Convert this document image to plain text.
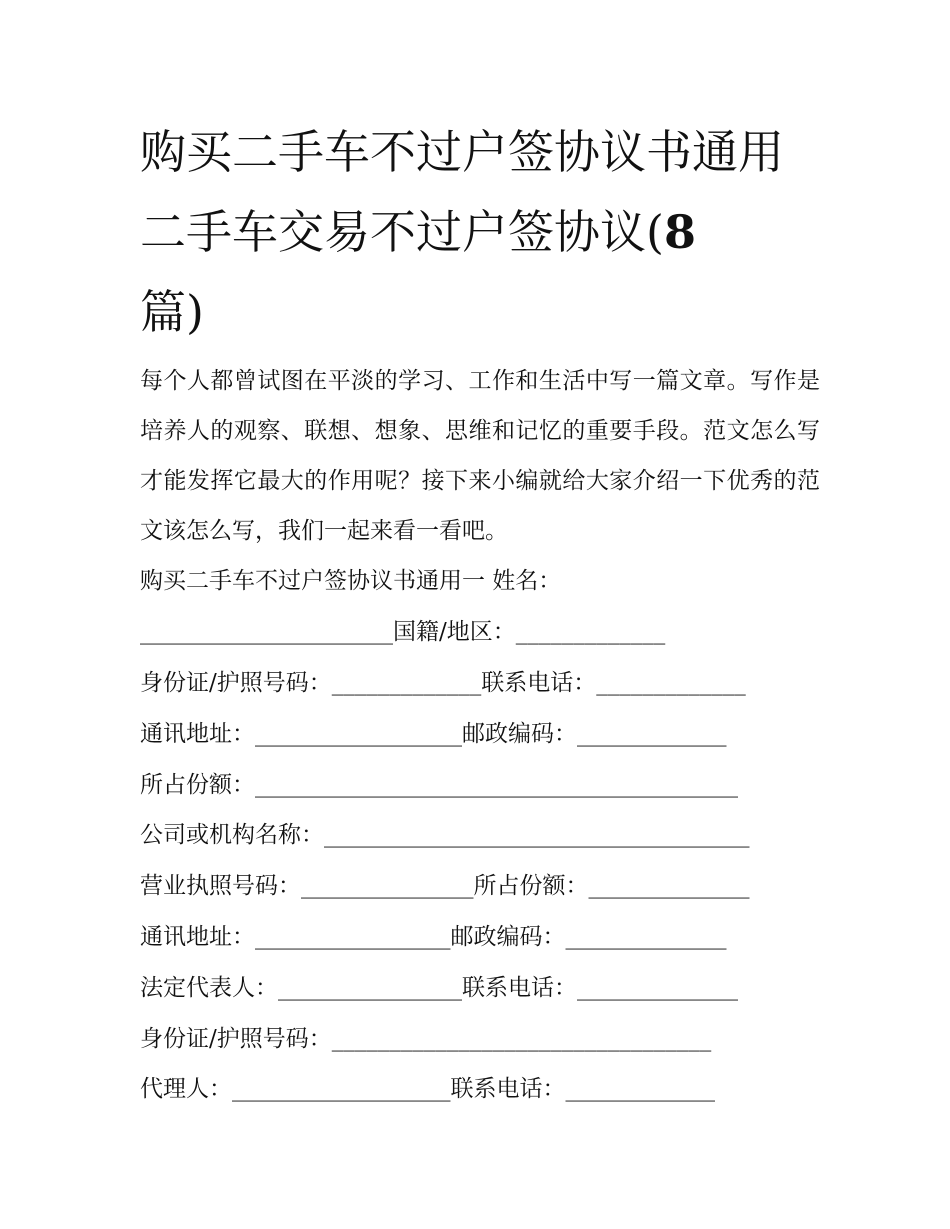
购买二手车不过户签协议书通用 二手车交易不过户签协议(8
篇)

每个人都曾试图在平淡的学习、工作和生活中写一篇文章。写作是培养人的观察、联想、想象、思维和记忆的重要手段。范文怎么写才能发挥它最大的作用呢？接下来小编就给大家介绍一下优秀的范文该怎么写，我们一起来看一看吧。

购买二手车不过户签协议书通用一 姓名：

______________________国籍/地区：_____________

身份证/护照号码：_____________联系电话：_____________

通讯地址：__________________邮政编码：_____________

所占份额：__________________________________________

公司或机构名称：_____________________________________

营业执照号码：_______________所占份额：______________

通讯地址：_________________邮政编码：______________

法定代表人：________________联系电话：______________

身份证/护照号码：_________________________________

代理人：___________________联系电话：_____________
